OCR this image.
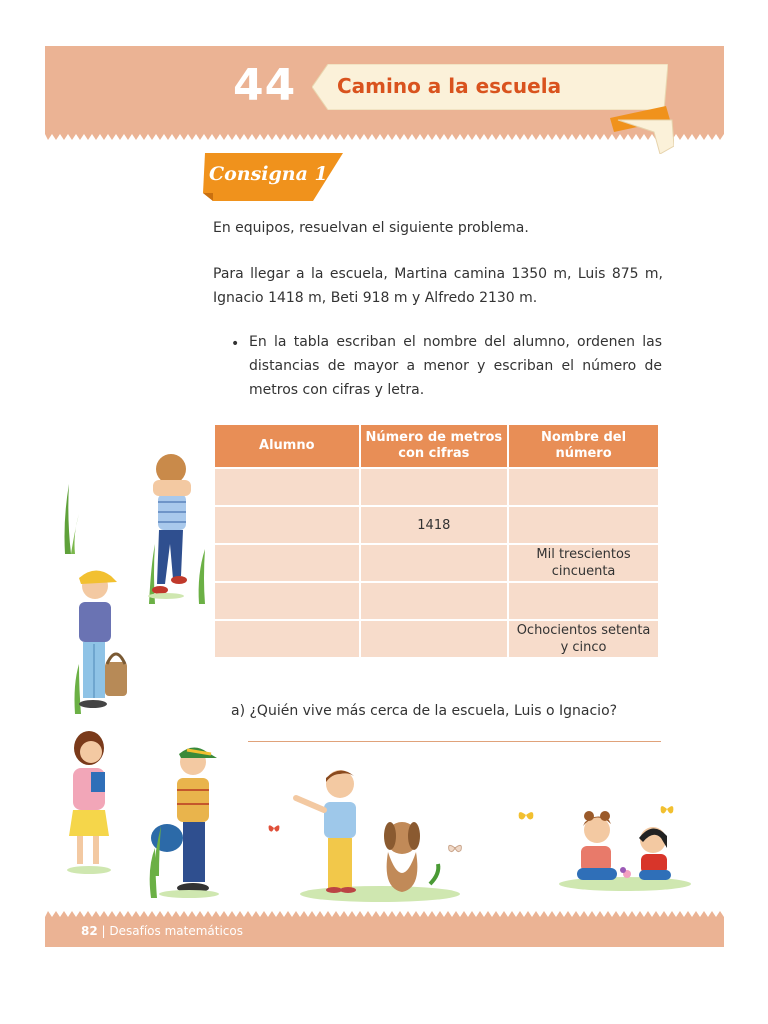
44 Camino a la escuela
Consigna 1
En equipos, resuelvan el siguiente problema.
Para llegar a la escuela, Martina camina 1350 m, Luis 875 m, Ignacio 1418 m, Beti 918 m y Alfredo 2130 m.
• En la tabla escriban el nombre del alumno, ordenen las distancias de mayor a menor y escriban el número de metros con cifras y letra.
Alumno	Número de metros con cifras	Nombre del número

	1418	
		Mil trescientos cincuenta

		Ochocientos setenta y cinco
a) ¿Quién vive más cerca de la escuela, Luis o Ignacio?
82 | Desafíos matemáticos
